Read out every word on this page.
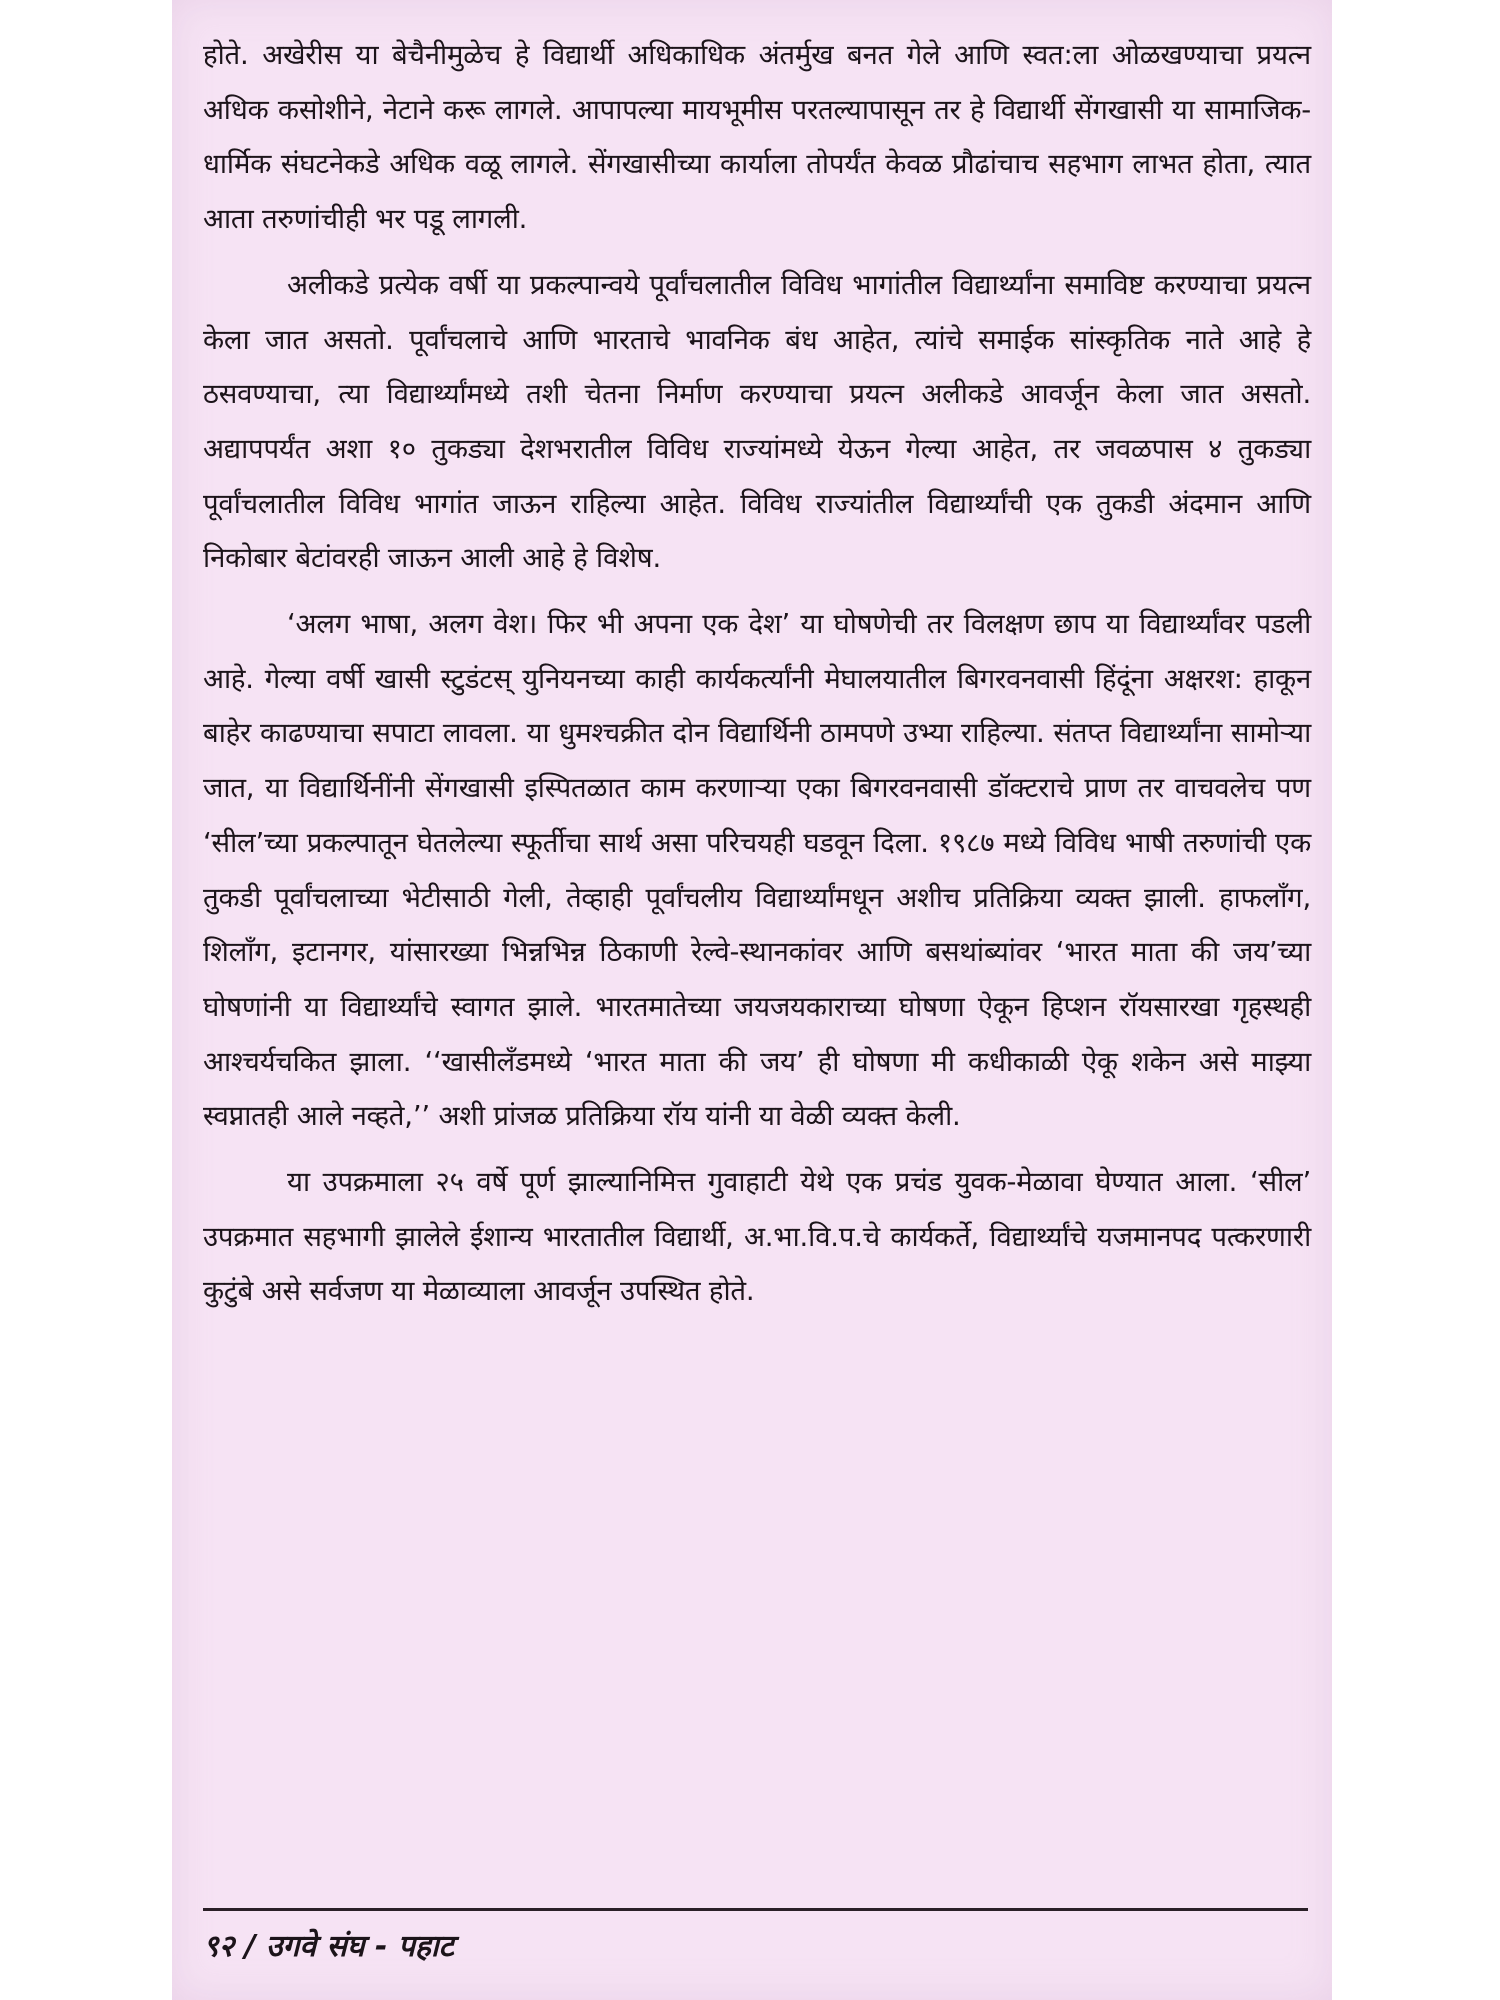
होते. अखेरीस या बेचैनीमुळेच हे विद्यार्थी अधिकाधिक अंतर्मुख बनत गेले आणि स्वत:ला ओळखण्याचा प्रयत्न अधिक कसोशीने, नेटाने करू लागले. आपापल्या मायभूमीस परतल्यापासून तर हे विद्यार्थी सेंगखासी या सामाजिक-धार्मिक संघटनेकडे अधिक वळू लागले. सेंगखासीच्या कार्याला तोपर्यंत केवळ प्रौढांचाच सहभाग लाभत होता, त्यात आता तरुणांचीही भर पडू लागली.

अलीकडे प्रत्येक वर्षी या प्रकल्पान्वये पूर्वांचलातील विविध भागांतील विद्यार्थ्यांना समाविष्ट करण्याचा प्रयत्न केला जात असतो. पूर्वांचलाचे आणि भारताचे भावनिक बंध आहेत, त्यांचे समाईक सांस्कृतिक नाते आहे हे ठसवण्याचा, त्या विद्यार्थ्यांमध्ये तशी चेतना निर्माण करण्याचा प्रयत्न अलीकडे आवर्जून केला जात असतो. अद्यापपर्यंत अशा १० तुकड्या देशभरातील विविध राज्यांमध्ये येऊन गेल्या आहेत, तर जवळपास ४ तुकड्या पूर्वांचलातील विविध भागांत जाऊन राहिल्या आहेत. विविध राज्यांतील विद्यार्थ्यांची एक तुकडी अंदमान आणि निकोबार बेटांवरही जाऊन आली आहे हे विशेष.

‘अलग भाषा, अलग वेश। फिर भी अपना एक देश’ या घोषणेची तर विलक्षण छाप या विद्यार्थ्यांवर पडली आहे. गेल्या वर्षी खासी स्टुडंटस् युनियनच्या काही कार्यकर्त्यांनी मेघालयातील बिगरवनवासी हिंदूंना अक्षरश: हाकून बाहेर काढण्याचा सपाटा लावला. या धुमश्चक्रीत दोन विद्यार्थिनी ठामपणे उभ्या राहिल्या. संतप्त विद्यार्थ्यांना सामोऱ्या जात, या विद्यार्थिनींनी सेंगखासी इस्पितळात काम करणाऱ्या एका बिगरवनवासी डॉक्टराचे प्राण तर वाचवलेच पण ‘सील’च्या प्रकल्पातून घेतलेल्या स्फूर्तीचा सार्थ असा परिचयही घडवून दिला. १९८७ मध्ये विविध भाषी तरुणांची एक तुकडी पूर्वांचलाच्या भेटीसाठी गेली, तेव्हाही पूर्वांचलीय विद्यार्थ्यांमधून अशीच प्रतिक्रिया व्यक्त झाली. हाफलाँग, शिलाँग, इटानगर, यांसारख्या भिन्नभिन्न ठिकाणी रेल्वे-स्थानकांवर आणि बसथांब्यांवर ‘भारत माता की जय’च्या घोषणांनी या विद्यार्थ्यांचे स्वागत झाले. भारतमातेच्या जयजयकाराच्या घोषणा ऐकून हिप्शन रॉयसारखा गृहस्थही आश्चर्यचकित झाला. ‘‘खासीलँडमध्ये ‘भारत माता की जय’ ही घोषणा मी कधीकाळी ऐकू शकेन असे माझ्या स्वप्नातही आले नव्हते,’’ अशी प्रांजळ प्रतिक्रिया रॉय यांनी या वेळी व्यक्त केली.

या उपक्रमाला २५ वर्षे पूर्ण झाल्यानिमित्त गुवाहाटी येथे एक प्रचंड युवक-मेळावा घेण्यात आला. ‘सील’ उपक्रमात सहभागी झालेले ईशान्य भारतातील विद्यार्थी, अ.भा.वि.प.चे कार्यकर्ते, विद्यार्थ्यांचे यजमानपद पत्करणारी कुटुंबे असे सर्वजण या मेळाव्याला आवर्जून उपस्थित होते.

९२ / उगवे संघ - पहाट
